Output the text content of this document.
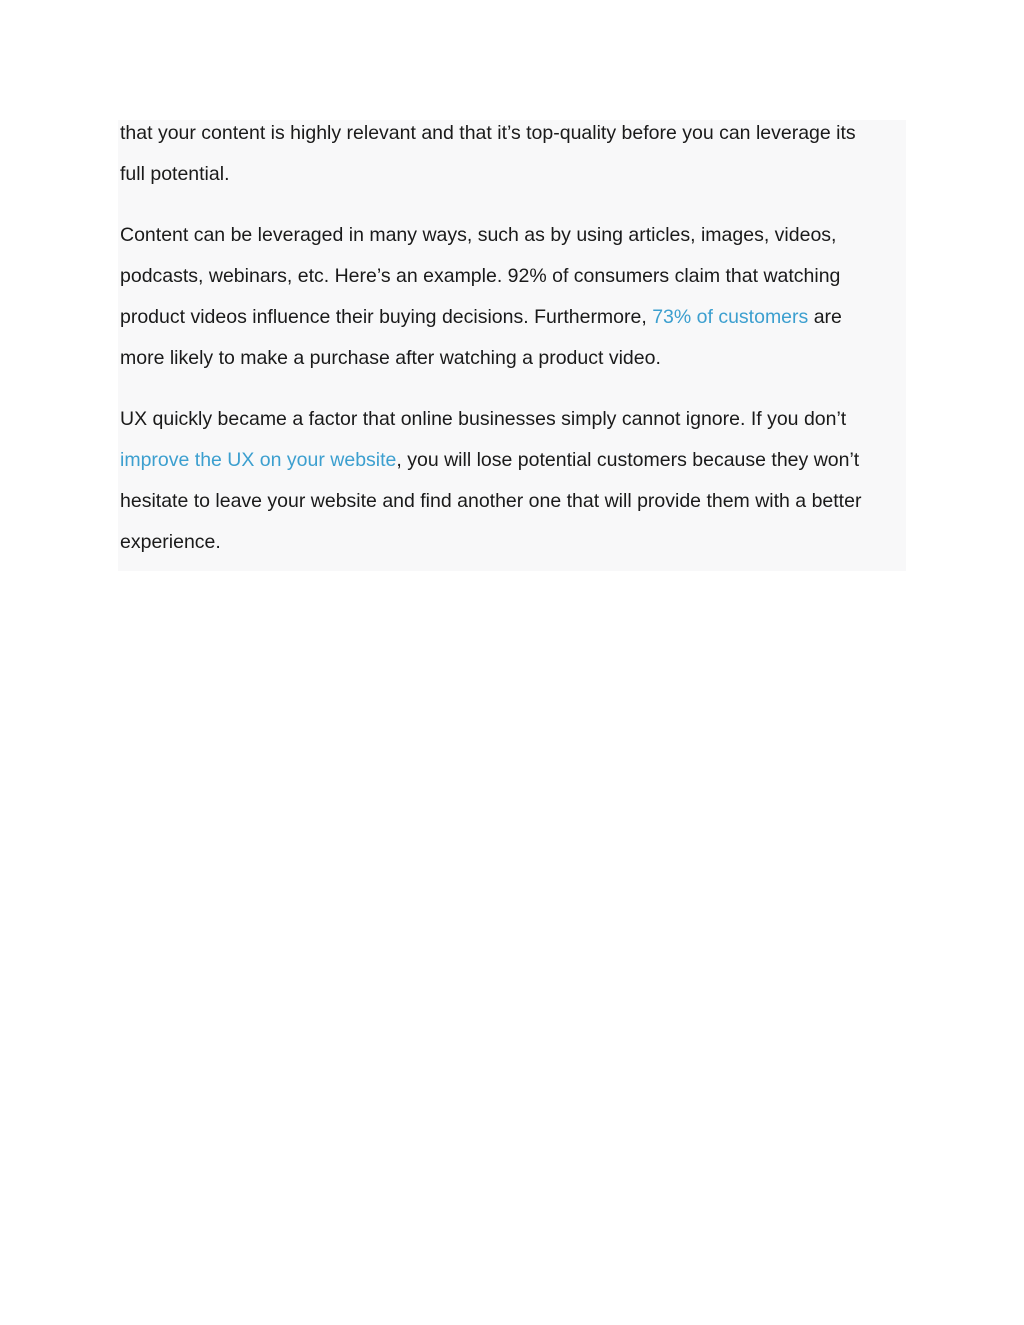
that your content is highly relevant and that it’s top-quality before you can leverage its
full potential.

Content can be leveraged in many ways, such as by using articles, images, videos,
podcasts, webinars, etc. Here’s an example. 92% of consumers claim that watching
product videos influence their buying decisions. Furthermore, 73% of customers are
more likely to make a purchase after watching a product video.

UX quickly became a factor that online businesses simply cannot ignore. If you don’t
improve the UX on your website, you will lose potential customers because they won’t
hesitate to leave your website and find another one that will provide them with a better
experience.
